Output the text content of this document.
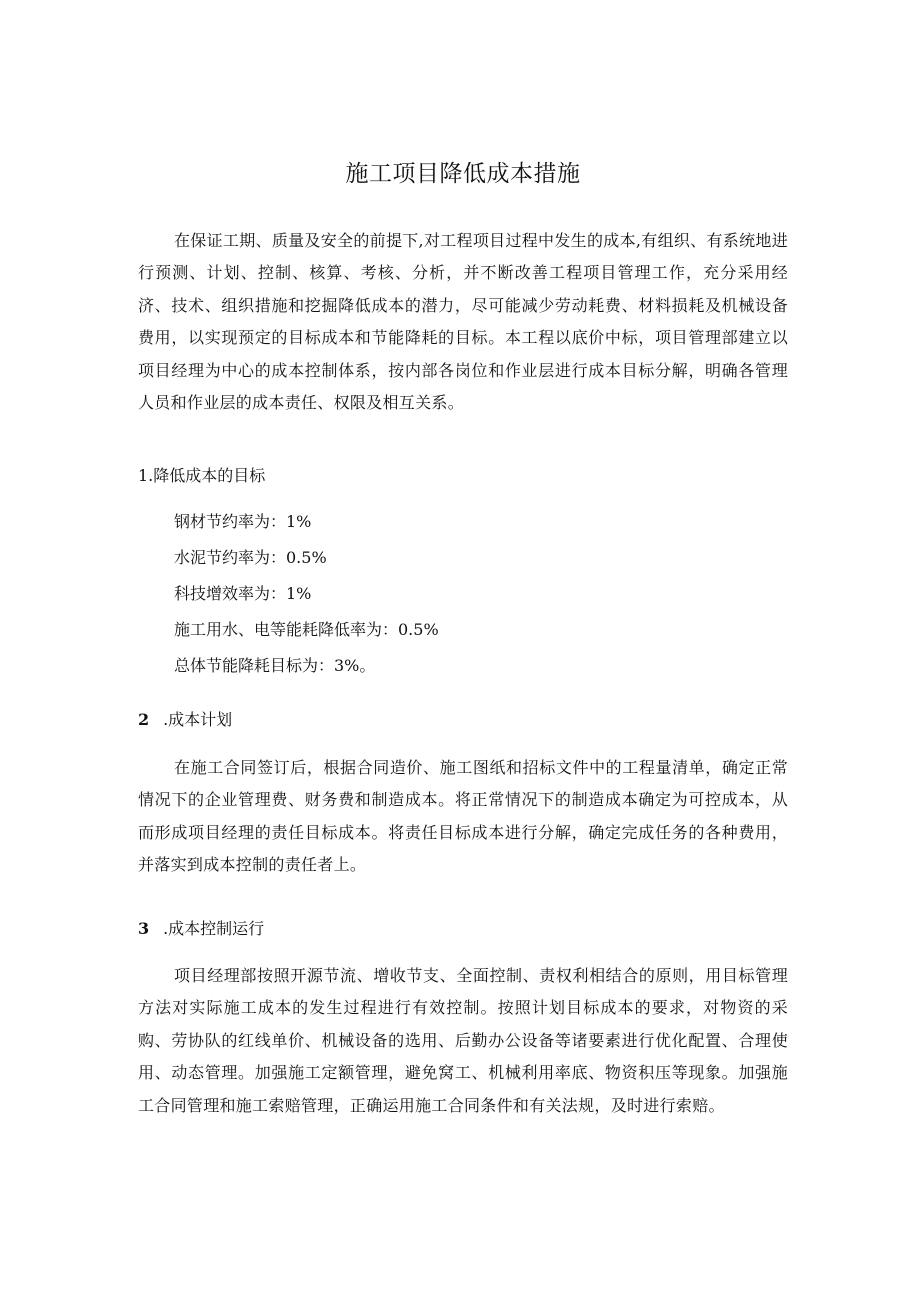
施工项目降低成本措施

在保证工期、质量及安全的前提下,对工程项目过程中发生的成本,有组织、有系统地进行预测、计划、控制、核算、考核、分析，并不断改善工程项目管理工作，充分采用经济、技术、组织措施和挖掘降低成本的潜力，尽可能减少劳动耗费、材料损耗及机械设备费用，以实现预定的目标成本和节能降耗的目标。本工程以底价中标，项目管理部建立以项目经理为中心的成本控制体系，按内部各岗位和作业层进行成本目标分解，明确各管理人员和作业层的成本责任、权限及相互关系。

1.降低成本的目标
钢材节约率为：1%
水泥节约率为：0.5%
科技增效率为：1%
施工用水、电等能耗降低率为：0.5%
总体节能降耗目标为：3%。
2 .成本计划

在施工合同签订后，根据合同造价、施工图纸和招标文件中的工程量清单，确定正常情况下的企业管理费、财务费和制造成本。将正常情况下的制造成本确定为可控成本，从而形成项目经理的责任目标成本。将责任目标成本进行分解，确定完成任务的各种费用，并落实到成本控制的责任者上。

3 .成本控制运行

项目经理部按照开源节流、增收节支、全面控制、责权利相结合的原则，用目标管理方法对实际施工成本的发生过程进行有效控制。按照计划目标成本的要求，对物资的采购、劳协队的红线单价、机械设备的选用、后勤办公设备等诸要素进行优化配置、合理使用、动态管理。加强施工定额管理，避免窝工、机械利用率底、物资积压等现象。加强施工合同管理和施工索赔管理，正确运用施工合同条件和有关法规，及时进行索赔。
